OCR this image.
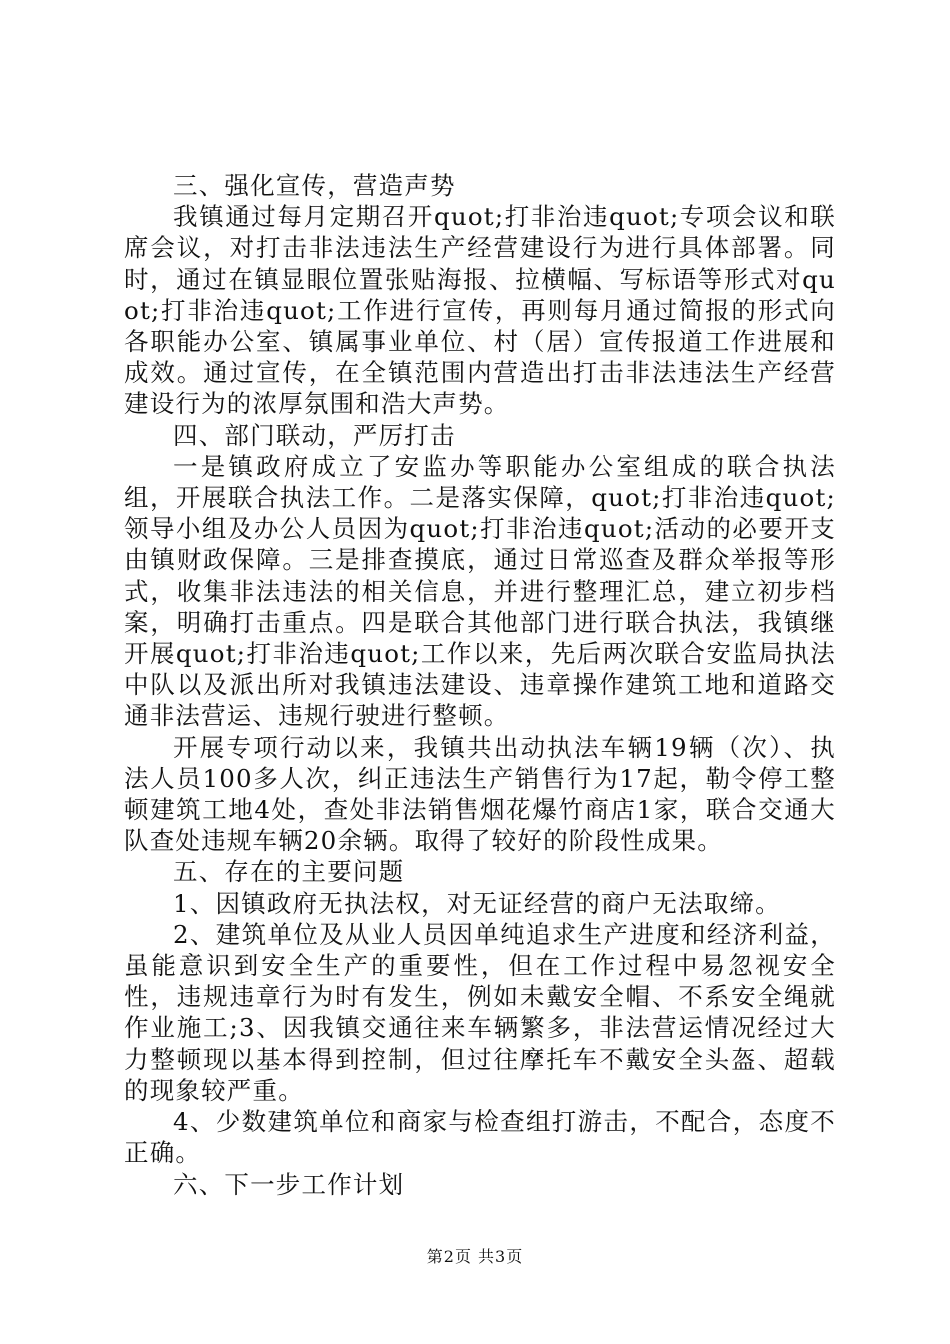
三、强化宣传，营造声势

我镇通过每月定期召开quot;打非治违quot;专项会议和联席会议，对打击非法违法生产经营建设行为进行具体部署。同时，通过在镇显眼位置张贴海报、拉横幅、写标语等形式对quot;打非治违quot;工作进行宣传，再则每月通过简报的形式向各职能办公室、镇属事业单位、村（居）宣传报道工作进展和成效。通过宣传，在全镇范围内营造出打击非法违法生产经营建设行为的浓厚氛围和浩大声势。

四、部门联动，严厉打击

一是镇政府成立了安监办等职能办公室组成的联合执法组，开展联合执法工作。二是落实保障，quot;打非治违quot;领导小组及办公人员因为quot;打非治违quot;活动的必要开支由镇财政保障。三是排查摸底，通过日常巡查及群众举报等形式，收集非法违法的相关信息，并进行整理汇总，建立初步档案，明确打击重点。四是联合其他部门进行联合执法，我镇继开展quot;打非治违quot;工作以来，先后两次联合安监局执法中队以及派出所对我镇违法建设、违章操作建筑工地和道路交通非法营运、违规行驶进行整顿。

开展专项行动以来，我镇共出动执法车辆19辆（次）、执法人员100多人次，纠正违法生产销售行为17起，勒令停工整顿建筑工地4处，查处非法销售烟花爆竹商店1家，联合交通大队查处违规车辆20余辆。取得了较好的阶段性成果。

五、存在的主要问题

1、因镇政府无执法权，对无证经营的商户无法取缔。

2、建筑单位及从业人员因单纯追求生产进度和经济利益，虽能意识到安全生产的重要性，但在工作过程中易忽视安全性，违规违章行为时有发生，例如未戴安全帽、不系安全绳就作业施工;3、因我镇交通往来车辆繁多，非法营运情况经过大力整顿现以基本得到控制，但过往摩托车不戴安全头盔、超载的现象较严重。

4、少数建筑单位和商家与检查组打游击，不配合，态度不正确。

六、下一步工作计划

第2页 共3页
